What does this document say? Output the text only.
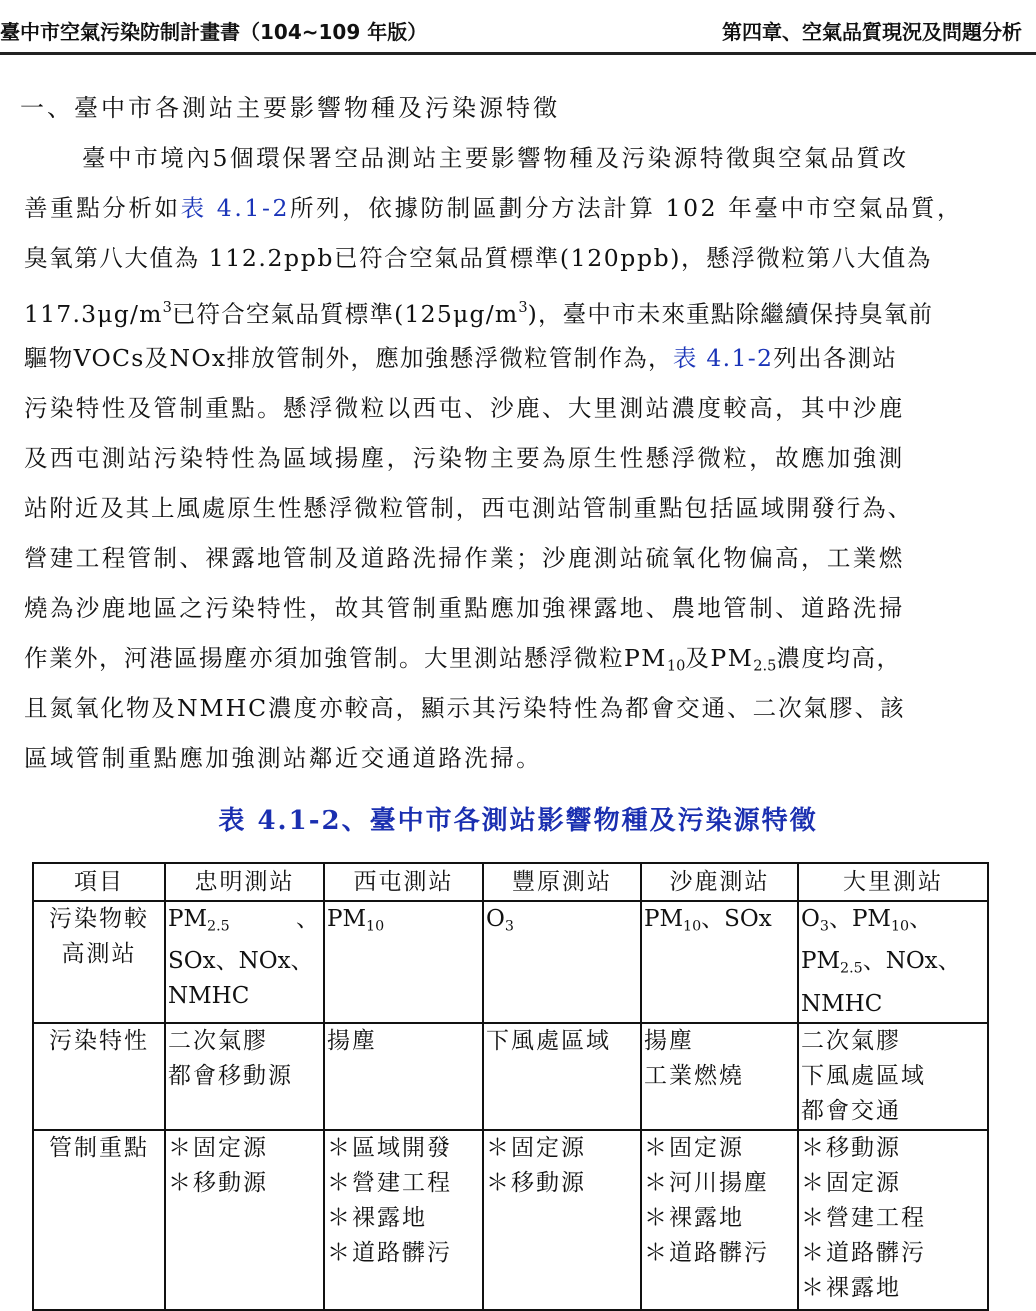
臺中市空氣污染防制計畫書（104~109 年版）	第四章、空氣品質現況及問題分析
一、臺中市各測站主要影響物種及污染源特徵
臺中市境內5個環保署空品測站主要影響物種及污染源特徵與空氣品質改
善重點分析如表 4.1-2所列，依據防制區劃分方法計算 102 年臺中市空氣品質，
臭氧第八大值為 112.2ppb已符合空氣品質標準(120ppb)，懸浮微粒第八大值為
$117.3\mu g/m^3$已符合空氣品質標準$(125\mu g/m^3)$，臺中市未來重點除繼續保持臭氧前
驅物VOCs及NOx排放管制外，應加強懸浮微粒管制作為，表 4.1-2列出各測站
污染特性及管制重點。懸浮微粒以西屯、沙鹿、大里測站濃度較高，其中沙鹿
及西屯測站污染特性為區域揚塵，污染物主要為原生性懸浮微粒，故應加強測
站附近及其上風處原生性懸浮微粒管制，西屯測站管制重點包括區域開發行為、
營建工程管制、裸露地管制及道路洗掃作業；沙鹿測站硫氧化物偏高，工業燃
燒為沙鹿地區之污染特性，故其管制重點應加強裸露地、農地管制、道路洗掃
作業外，河港區揚塵亦須加強管制。大里測站懸浮微粒$PM_{10}$及$PM_{2.5}$濃度均高，
且氮氧化物及NMHC濃度亦較高，顯示其污染特性為都會交通、二次氣膠、該
區域管制重點應加強測站鄰近交通道路洗掃。
表 4.1-2、臺中市各測站影響物種及污染源特徵
項目	忠明測站	西屯測站	豐原測站	沙鹿測站	大里測站

污染物較
高測站	$PM_{2.5}$ 、
SOx、NOx、
NMHC	$PM_{10}$	$O_3$	$PM_{10}$、SOx	$O_3$、$PM_{10}$、
$PM_{2.5}$、NOx、
NMHC

污染特性	二次氣膠
都會移動源	揚塵	下風處區域	揚塵
工業燃燒	二次氣膠
下風處區域
都會交通

管制重點	＊固定源
＊移動源	＊區域開發
＊營建工程
＊裸露地
＊道路髒污	＊固定源
＊移動源	＊固定源
＊河川揚塵
＊裸露地
＊道路髒污	＊移動源
＊固定源
＊營建工程
＊道路髒污
＊裸露地
